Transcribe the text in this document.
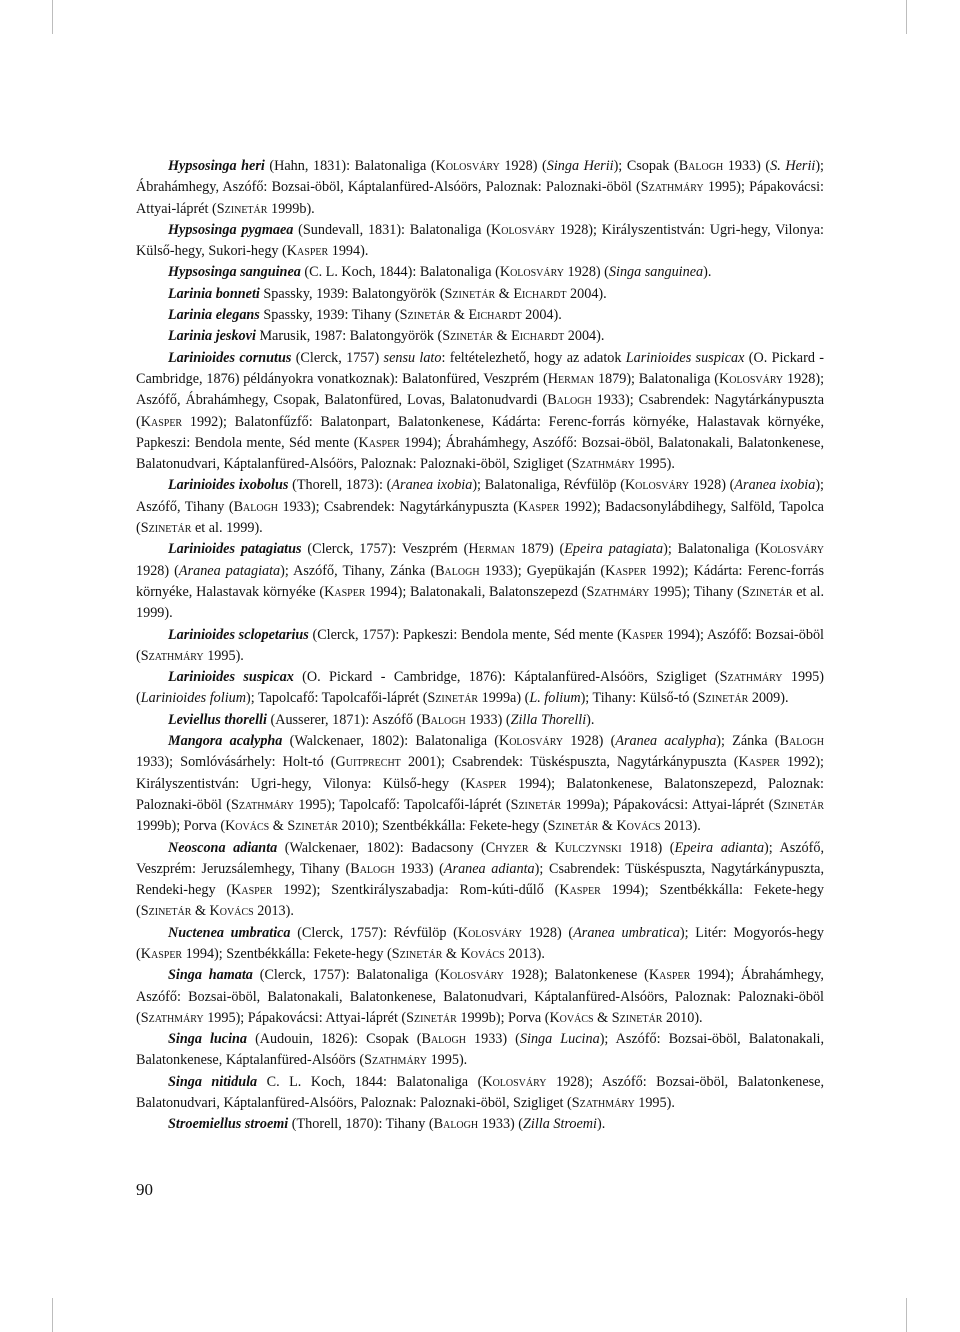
Hypsosinga heri (Hahn, 1831): Balatonaliga (Kolosváry 1928) (Singa Herii); Csopak (Balogh 1933) (S. Herii); Ábrahámhegy, Aszófő: Bozsai-öböl, Káptalanfüred-Alsóörs, Paloznak: Paloznaki-öböl (Szathmáry 1995); Pápakovácsi: Attyai-láprét (Szinetár 1999b).

Hypsosinga pygmaea (Sundevall, 1831): Balatonaliga (Kolosváry 1928); Királyszentistván: Ugri-hegy, Vilonya: Külső-hegy, Sukori-hegy (Kasper 1994).

Hypsosinga sanguinea (C. L. Koch, 1844): Balatonaliga (Kolosváry 1928) (Singa sanguinea).

Larinia bonneti Spassky, 1939: Balatongyörök (Szinetár & Eichardt 2004).

Larinia elegans Spassky, 1939: Tihany (Szinetár & Eichardt 2004).

Larinia jeskovi Marusik, 1987: Balatongyörök (Szinetár & Eichardt 2004).

Larinioides cornutus (Clerck, 1757) sensu lato: feltételezhető, hogy az adatok Larinioides suspicax (O. Pickard - Cambridge, 1876) példányokra vonatkoznak): Balatonfüred, Veszprém (Herman 1879); Balatonaliga (Kolosváry 1928); Aszófő, Ábrahámhegy, Csopak, Balatonfüred, Lovas, Balatonudvardi (Balogh 1933); Csabrendek: Nagytárkánypuszta (Kasper 1992); Balatonfűzfő: Balatonpart, Balatonkenese, Kádárta: Ferenc-forrás környéke, Halastavak környéke, Papkeszi: Bendola mente, Séd mente (Kasper 1994); Ábrahámhegy, Aszófő: Bozsai-öböl, Balatonakali, Balatonkenese, Balatonudvari, Káptalanfüred-Alsóörs, Paloznak: Paloznaki-öböl, Szigliget (Szathmáry 1995).

Larinioides ixobolus (Thorell, 1873): (Aranea ixobia); Balatonaliga, Révfülöp (Kolosváry 1928) (Aranea ixobia); Aszófő, Tihany (Balogh 1933); Csabrendek: Nagytárkánypuszta (Kasper 1992); Badacsonylábdihegy, Salföld, Tapolca (Szinetár et al. 1999).

Larinioides patagiatus (Clerck, 1757): Veszprém (Herman 1879) (Epeira patagiata); Balatonaliga (Kolosváry 1928) (Aranea patagiata); Aszófő, Tihany, Zánka (Balogh 1933); Gyepükaján (Kasper 1992); Kádárta: Ferenc-forrás környéke, Halastavak környéke (Kasper 1994); Balatonakali, Balatonszepezd (Szathmáry 1995); Tihany (Szinetár et al. 1999).

Larinioides sclopetarius (Clerck, 1757): Papkeszi: Bendola mente, Séd mente (Kasper 1994); Aszófő: Bozsai-öböl (Szathmáry 1995).

Larinioides suspicax (O. Pickard - Cambridge, 1876): Káptalanfüred-Alsóörs, Szigliget (Szathmáry 1995) (Larinioides folium); Tapolcafő: Tapolcafői-láprét (Szinetár 1999a) (L. folium); Tihany: Külső-tó (Szinetár 2009).

Leviellus thorelli (Ausserer, 1871): Aszófő (Balogh 1933) (Zilla Thorelli).

Mangora acalypha (Walckenaer, 1802): Balatonaliga (Kolosváry 1928) (Aranea acalypha); Zánka (Balogh 1933); Somlóvásárhely: Holt-tó (Guitprecht 2001); Csabrendek: Tüskéspuszta, Nagytárkánypuszta (Kasper 1992); Királyszentistván: Ugri-hegy, Vilonya: Külső-hegy (Kasper 1994); Balatonkenese, Balatonszepezd, Paloznak: Paloznaki-öböl (Szathmáry 1995); Tapolcafő: Tapolcafői-láprét (Szinetár 1999a); Pápakovácsi: Attyai-láprét (Szinetár 1999b); Porva (Kovács & Szinetár 2010); Szentbékkálla: Fekete-hegy (Szinetár & Kovács 2013).

Neoscona adianta (Walckenaer, 1802): Badacsony (Chyzer & Kulczynski 1918) (Epeira adianta); Aszófő, Veszprém: Jeruzsálemhegy, Tihany (Balogh 1933) (Aranea adianta); Csabrendek: Tüskéspuszta, Nagytárkánypuszta, Rendeki-hegy (Kasper 1992); Szentkirályszabadja: Rom-kúti-dűlő (Kasper 1994); Szentbékkálla: Fekete-hegy (Szinetár & Kovács 2013).

Nuctenea umbratica (Clerck, 1757): Révfülöp (Kolosváry 1928) (Aranea umbratica); Litér: Mogyorós-hegy (Kasper 1994); Szentbékkálla: Fekete-hegy (Szinetár & Kovács 2013).

Singa hamata (Clerck, 1757): Balatonaliga (Kolosváry 1928); Balatonkenese (Kasper 1994); Ábrahámhegy, Aszófő: Bozsai-öböl, Balatonakali, Balatonkenese, Balatonudvari, Káptalanfüred-Alsóörs, Paloznak: Paloznaki-öböl (Szathmáry 1995); Pápakovácsi: Attyai-láprét (Szinetár 1999b); Porva (Kovács & Szinetár 2010).

Singa lucina (Audouin, 1826): Csopak (Balogh 1933) (Singa Lucina); Aszófő: Bozsai-öböl, Balatonakali, Balatonkenese, Káptalanfüred-Alsóörs (Szathmáry 1995).

Singa nitidula C. L. Koch, 1844: Balatonaliga (Kolosváry 1928); Aszófő: Bozsai-öböl, Balatonkenese, Balatonudvari, Káptalanfüred-Alsóörs, Paloznak: Paloznaki-öböl, Szigliget (Szathmáry 1995).

Stroemiellus stroemi (Thorell, 1870): Tihany (Balogh 1933) (Zilla Stroemi).

90
